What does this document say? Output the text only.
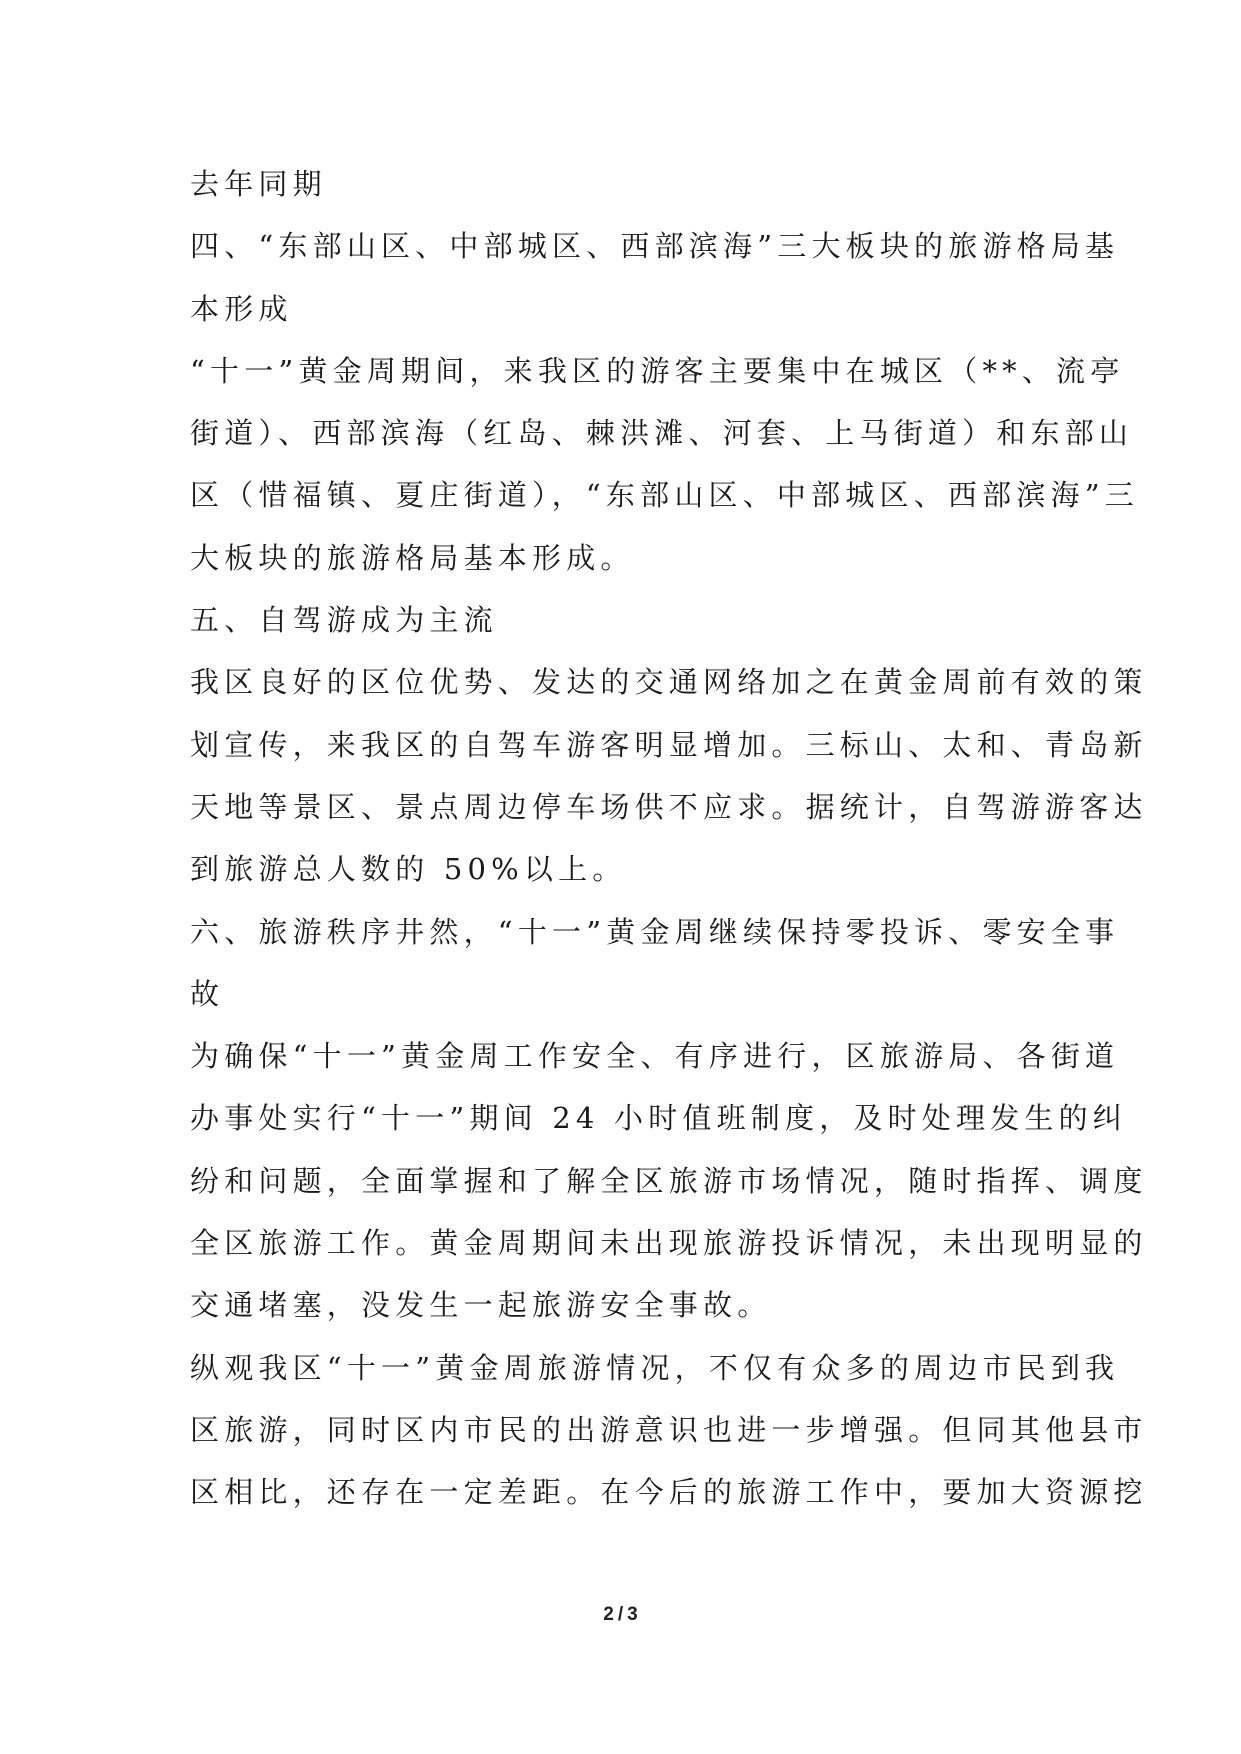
去年同期
四、“东部山区、中部城区、西部滨海”三大板块的旅游格局基
本形成
“十一”黄金周期间，来我区的游客主要集中在城区（**、流亭
街道）、西部滨海（红岛、棘洪滩、河套、上马街道）和东部山
区（惜福镇、夏庄街道），“东部山区、中部城区、西部滨海”三
大板块的旅游格局基本形成。
五、自驾游成为主流
我区良好的区位优势、发达的交通网络加之在黄金周前有效的策
划宣传，来我区的自驾车游客明显增加。三标山、太和、青岛新
天地等景区、景点周边停车场供不应求。据统计，自驾游游客达
到旅游总人数的 50%以上。
六、旅游秩序井然，“十一”黄金周继续保持零投诉、零安全事
故
为确保“十一”黄金周工作安全、有序进行，区旅游局、各街道
办事处实行“十一”期间 24 小时值班制度，及时处理发生的纠
纷和问题，全面掌握和了解全区旅游市场情况，随时指挥、调度
全区旅游工作。黄金周期间未出现旅游投诉情况，未出现明显的
交通堵塞，没发生一起旅游安全事故。
纵观我区“十一”黄金周旅游情况，不仅有众多的周边市民到我
区旅游，同时区内市民的出游意识也进一步增强。但同其他县市
区相比，还存在一定差距。在今后的旅游工作中，要加大资源挖
2 / 3
